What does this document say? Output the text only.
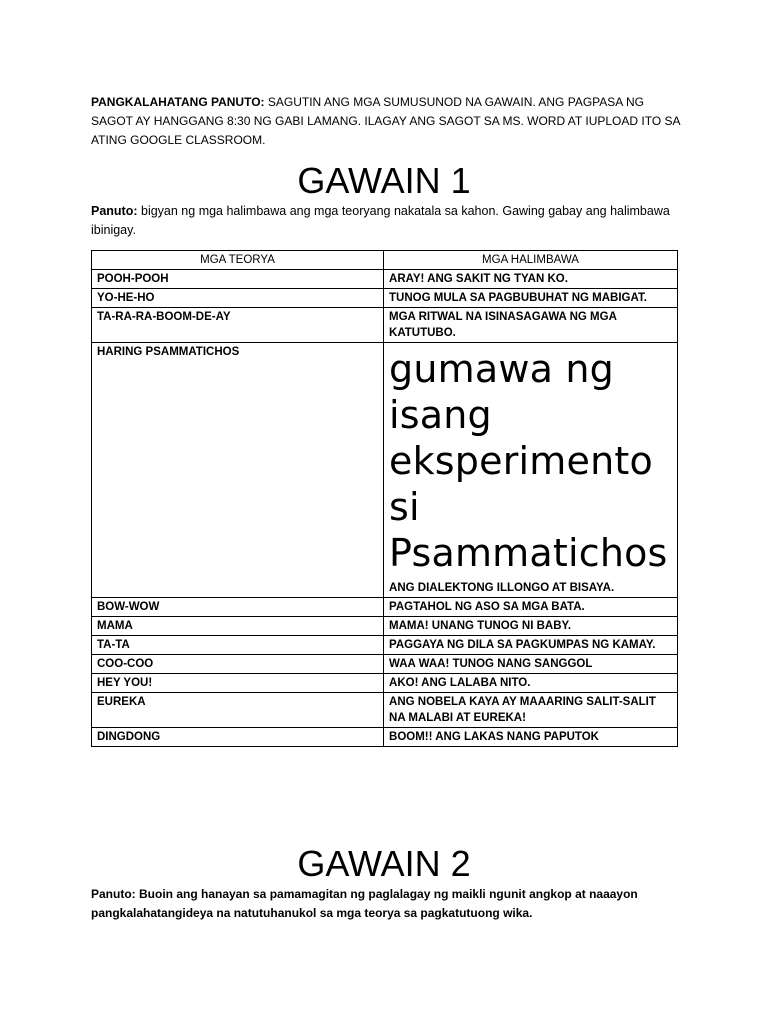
PANGKALAHATANG PANUTO: SAGUTIN ANG MGA SUMUSUNOD NA GAWAIN. ANG PAGPASA NG SAGOT AY HANGGANG 8:30 NG GABI LAMANG. ILAGAY ANG SAGOT SA MS. WORD AT IUPLOAD ITO SA ATING GOOGLE CLASSROOM.

GAWAIN 1

Panuto: bigyan ng mga halimbawa ang mga teoryang nakatala sa kahon. Gawing gabay ang halimbawa ibinigay.

MGA TEORYA	MGA HALIMBAWA
POOH-POOH	ARAY! ANG SAKIT NG TYAN KO.
YO-HE-HO	TUNOG MULA SA PAGBUBUHAT NG MABIGAT.
TA-RA-RA-BOOM-DE-AY	MGA RITWAL NA ISINASAGAWA NG MGA KATUTUBO.
HARING PSAMMATICHOS	gumawa ng isang eksperimento si Psammatichos
ANG DIALEKTONG ILLONGO AT BISAYA.
BOW-WOW	PAGTAHOL NG ASO SA MGA BATA.
MAMA	MAMA! UNANG TUNOG NI BABY.
TA-TA	PAGGAYA NG DILA SA PAGKUMPAS NG KAMAY.
COO-COO	WAA WAA! TUNOG NANG SANGGOL
HEY YOU!	AKO! ANG LALABA NITO.
EUREKA	ANG NOBELA KAYA AY MAAARING SALIT-SALIT NA MALABI AT EUREKA!
DINGDONG	BOOM!! ANG LAKAS NANG PAPUTOK
GAWAIN 2

Panuto: Buoin ang hanayan sa pamamagitan ng paglalagay ng maikli ngunit angkop at naaayon pangkalahatangideya na natutuhanukol sa mga teorya sa pagkatutuong wika.
